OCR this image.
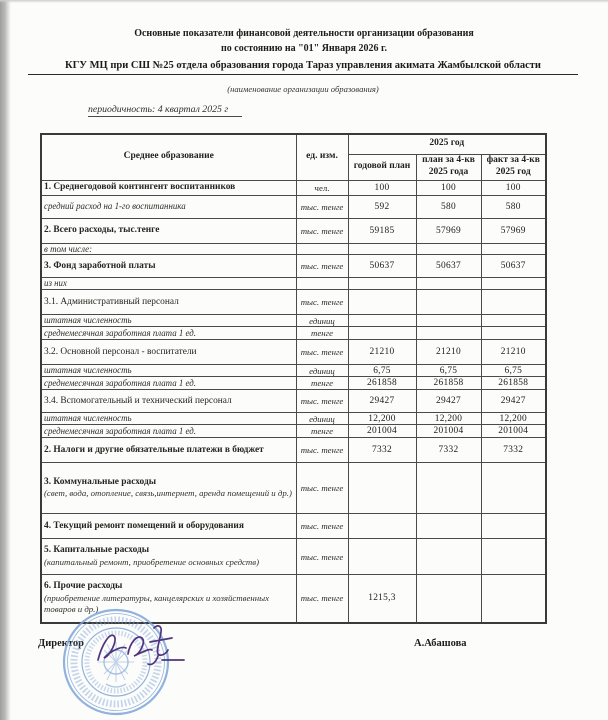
Основные показатели финансовой деятельности организации образования
по состоянию на "01" Января 2026 г.
КГУ МЦ при СШ №25 отдела образования города Тараз управления акимата Жамбылской области
(наименование организации образования)
периодичность: 4 квартал 2025 г
Среднее образование	ед. изм.	2025 год		
		годовой план	план за 4-кв 2025 года	факт за 4-кв 2025 год

1. Среднегодовой контингент воспитанников	чел.	100	100	100

средний расход на 1-го воспитанника	тыс. тенге	592	580	580

2. Всего расходы, тыс.тенге	тыс. тенге	59185	57969	57969

в том числе:				

3. Фонд заработной платы	тыс. тенге	50637	50637	50637

из них				

3.1. Административный персонал	тыс. тенге			

штатная численность	единиц			

среднемесячная заработная плата 1 ед.	тенге			

3.2. Основной персонал - воспитатели	тыс. тенге	21210	21210	21210

штатная численность	единиц	6,75	6,75	6,75

среднемесячная заработная плата 1 ед.	тенге	261858	261858	261858

3.4. Вспомогательный и технический персонал	тыс. тенге	29427	29427	29427

штатная численность	единиц	12,200	12,200	12,200

среднемесячная заработная плата 1 ед.	тенге	201004	201004	201004

2. Налоги и другие обязательные платежи в бюджет	тыс. тенге	7332	7332	7332

3. Коммунальные расходы
(свет, вода, отопление, связь,интернет, аренда помещений и др.)	тыс. тенге			

4. Текущий ремонт помещений и оборудования	тыс. тенге			

5. Капитальные расходы
(капитальный ремонт, приобретение основных средств)	тыс. тенге			

6. Прочие расходы
(приобретение литературы, канцелярских и хозяйственных товаров и др.)	тыс. тенге	1215,3		
Директор	А.Абашова
